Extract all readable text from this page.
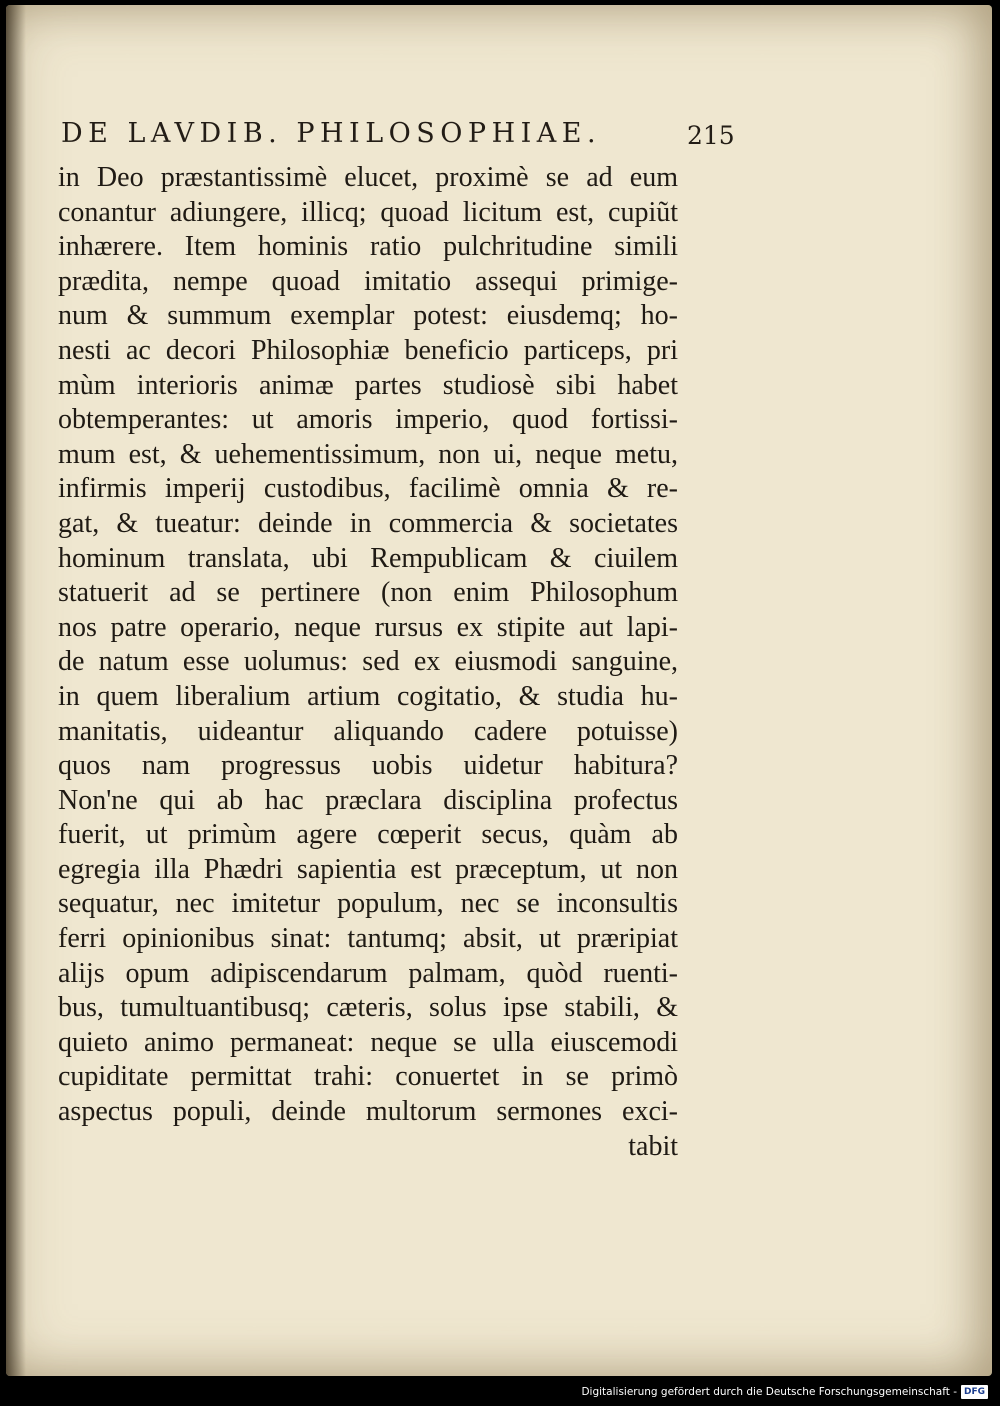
DE LAVDIB. PHILOSOPHIAE.	215
in Deo præstantissimè elucet, proximè se ad eum
conantur adiungere, illicq; quoad licitum est, cupiũt
inhærere. Item hominis ratio pulchritudine simili
prædita, nempe quoad imitatio assequi primige-
num & summum exemplar potest: eiusdemq; ho-
nesti ac decori Philosophiæ beneficio particeps, pri
mùm interioris animæ partes studiosè sibi habet
obtemperantes: ut amoris imperio, quod fortissi-
mum est, & uehementissimum, non ui, neque metu,
infirmis imperij custodibus, facilimè omnia & re-
gat, & tueatur: deinde in commercia & societates
hominum translata, ubi Rempublicam & ciuilem
statuerit ad se pertinere (non enim Philosophum
nos patre operario, neque rursus ex stipite aut lapi-
de natum esse uolumus: sed ex eiusmodi sanguine,
in quem liberalium artium cogitatio, & studia hu-
manitatis, uideantur aliquando cadere potuisse)
quos nam progressus uobis uidetur habitura?
Non'ne qui ab hac præclara disciplina profectus
fuerit, ut primùm agere cœperit secus, quàm ab
egregia illa Phædri sapientia est præceptum, ut non
sequatur, nec imitetur populum, nec se inconsultis
ferri opinionibus sinat: tantumq; absit, ut præripiat
alijs opum adipiscendarum palmam, quòd ruenti-
bus, tumultuantibusq; cæteris, solus ipse stabili, &
quieto animo permaneat: neque se ulla eiuscemodi
cupiditate permittat trahi: conuertet in se primò
aspectus populi, deinde multorum sermones exci-
tabit
Digitalisierung gefördert durch die Deutsche Forschungsgemeinschaft - DFG
